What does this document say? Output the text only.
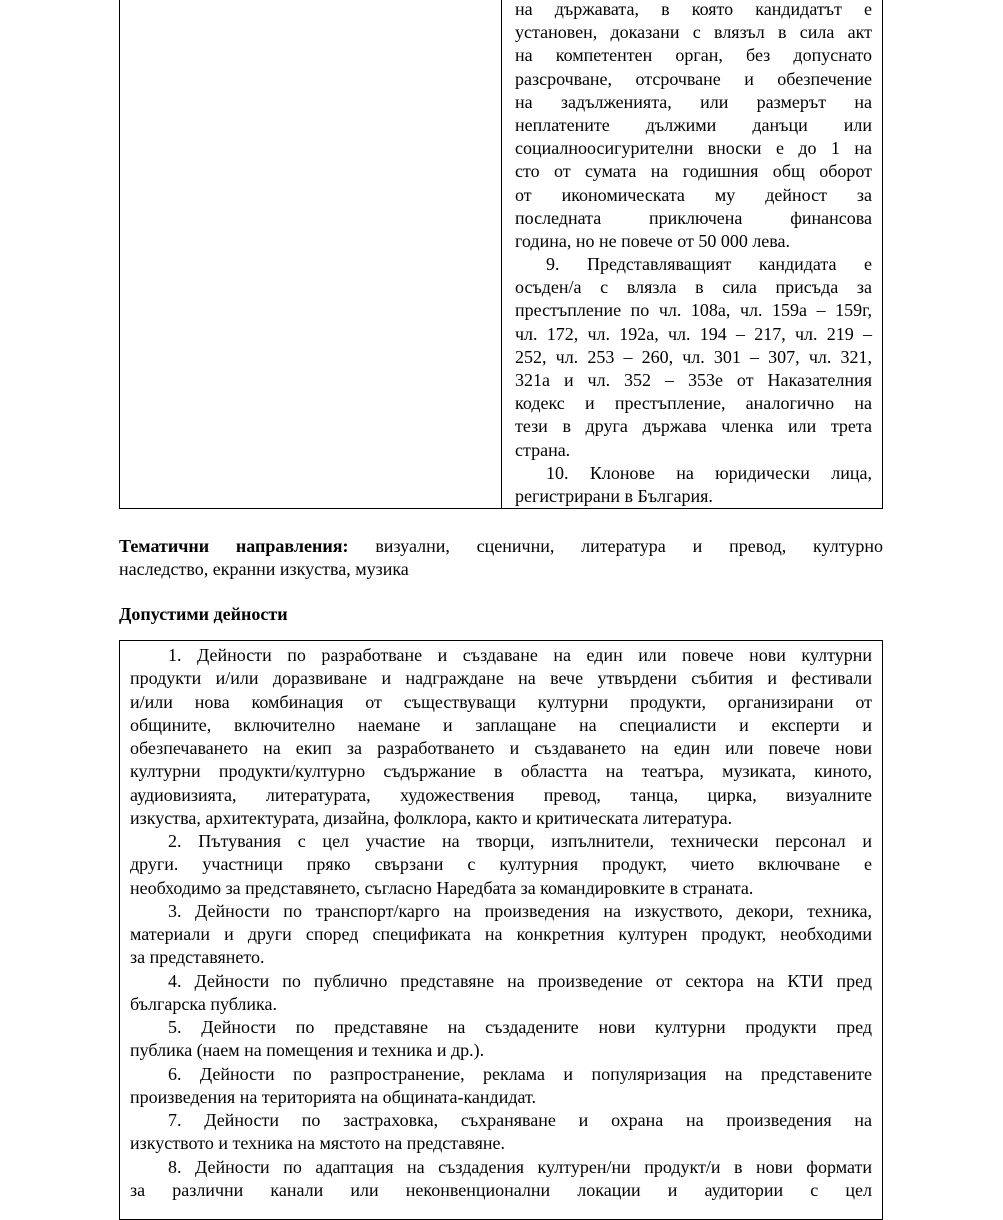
на държавата, в която кандидатът е
установен, доказани с влязъл в сила акт
на компетентен орган, без допуснато
разсрочване, отсрочване и обезпечение
на задълженията, или размерът на
неплатените дължими данъци или
социалноосигурителни вноски е до 1 на
сто от сумата на годишния общ оборот
от икономическата му дейност за
последната приключена финансова
година, но не повече от 50 000 лева.
9. Представляващият кандидата е
осъден/а с влязла в сила присъда за
престъпление по чл. 108а, чл. 159а – 159г,
чл. 172, чл. 192а, чл. 194 – 217, чл. 219 –
252, чл. 253 – 260, чл. 301 – 307, чл. 321,
321а и чл. 352 – 353е от Наказателния
кодекс и престъпление, аналогично на
тези в друга държава членка или трета
страна.
10. Клонове на юридически лица,
регистрирани в България.
Тематични направления: визуални, сценични, литература и превод, културно
наследство, екранни изкуства, музика
Допустими дейности
1. Дейности по разработване и създаване на един или повече нови културни
продукти и/или доразвиване и надграждане на вече утвърдени събития и фестивали
и/или нова комбинация от съществуващи културни продукти, организирани от
общините, включително наемане и заплащане на специалисти и експерти и
обезпечаването на екип за разработването и създаването на един или повече нови
културни продукти/културно съдържание в областта на театъра, музиката, киното,
аудиовизията, литературата, художествения превод, танца, цирка, визуалните
изкуства, архитектурата, дизайна, фолклора, както и критическата литература.
2. Пътувания с цел участие на творци, изпълнители, технически персонал и
други. участници пряко свързани с културния продукт, чието включване е
необходимо за представянето, съгласно Наредбата за командировките в страната.
3. Дейности по транспорт/карго на произведения на изкуството, декори, техника,
материали и други според спецификата на конкретния културен продукт, необходими
за представянето.
4. Дейности по публично представяне на произведение от сектора на КТИ пред
българска публика.
5. Дейности по представяне на създадените нови културни продукти пред
публика (наем на помещения и техника и др.).
6. Дейности по разпространение, реклама и популяризация на представените
произведения на територията на общината-кандидат.
7. Дейности по застраховка, съхраняване и охрана на произведения на
изкуството и техника на мястото на представяне.
8. Дейности по адаптация на създадения културен/ни продукт/и в нови формати
за различни канали или неконвенционални локации и аудитории с цел
